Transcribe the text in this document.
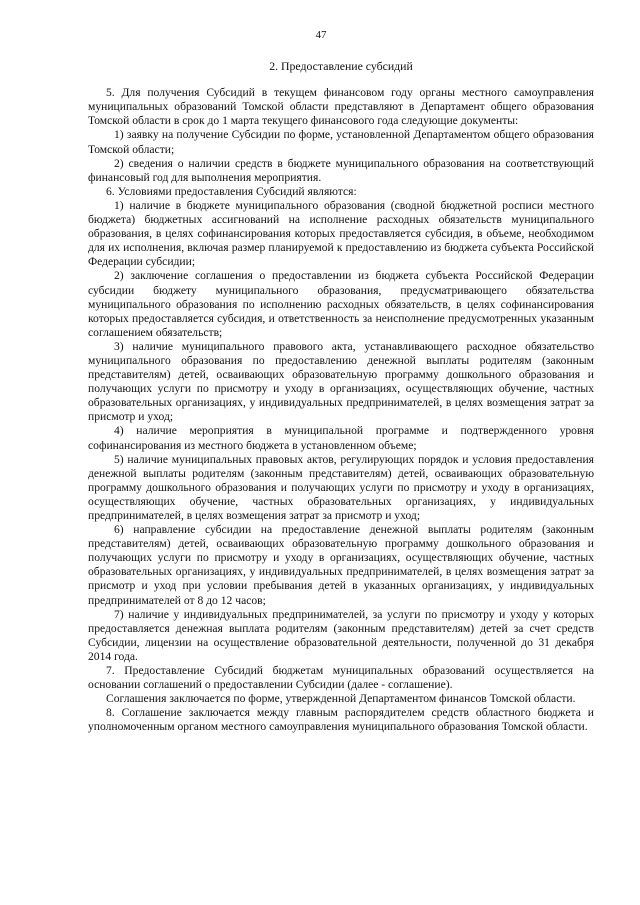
47
2. Предоставление субсидий

5. Для получения Субсидий в текущем финансовом году органы местного самоуправления муниципальных образований Томской области представляют в Департамент общего образования Томской области в срок до 1 марта текущего финансового года следующие документы:

1) заявку на получение Субсидии по форме, установленной Департаментом общего образования Томской области;

2) сведения о наличии средств в бюджете муниципального образования на соответствующий финансовый год для выполнения мероприятия.

6. Условиями предоставления Субсидий являются:

1) наличие в бюджете муниципального образования (сводной бюджетной росписи местного бюджета) бюджетных ассигнований на исполнение расходных обязательств муниципального образования, в целях софинансирования которых предоставляется субсидия, в объеме, необходимом для их исполнения, включая размер планируемой к предоставлению из бюджета субъекта Российской Федерации субсидии;

2) заключение соглашения о предоставлении из бюджета субъекта Российской Федерации субсидии бюджету муниципального образования, предусматривающего обязательства муниципального образования по исполнению расходных обязательств, в целях софинансирования которых предоставляется субсидия, и ответственность за неисполнение предусмотренных указанным соглашением обязательств;

3) наличие муниципального правового акта, устанавливающего расходное обязательство муниципального образования по предоставлению денежной выплаты родителям (законным представителям) детей, осваивающих образовательную программу дошкольного образования и получающих услуги по присмотру и уходу в организациях, осуществляющих обучение, частных образовательных организациях, у индивидуальных предпринимателей, в целях возмещения затрат за присмотр и уход;

4) наличие мероприятия в муниципальной программе и подтвержденного уровня софинансирования из местного бюджета в установленном объеме;

5) наличие муниципальных правовых актов, регулирующих порядок и условия предоставления денежной выплаты родителям (законным представителям) детей, осваивающих образовательную программу дошкольного образования и получающих услуги по присмотру и уходу в организациях, осуществляющих обучение, частных образовательных организациях, у индивидуальных предпринимателей, в целях возмещения затрат за присмотр и уход;

6) направление субсидии на предоставление денежной выплаты родителям (законным представителям) детей, осваивающих образовательную программу дошкольного образования и получающих услуги по присмотру и уходу в организациях, осуществляющих обучение, частных образовательных организациях, у индивидуальных предпринимателей, в целях возмещения затрат за присмотр и уход при условии пребывания детей в указанных организациях, у индивидуальных предпринимателей от 8 до 12 часов;

7) наличие у индивидуальных предпринимателей, за услуги по присмотру и уходу у которых предоставляется денежная выплата родителям (законным представителям) детей за счет средств Субсидии, лицензии на осуществление образовательной деятельности, полученной до 31 декабря 2014 года.

7. Предоставление Субсидий бюджетам муниципальных образований осуществляется на основании соглашений о предоставлении Субсидии (далее - соглашение).

Соглашения заключается по форме, утвержденной Департаментом финансов Томской области.

8. Соглашение заключается между главным распорядителем средств областного бюджета и уполномоченным органом местного самоуправления муниципального образования Томской области.
